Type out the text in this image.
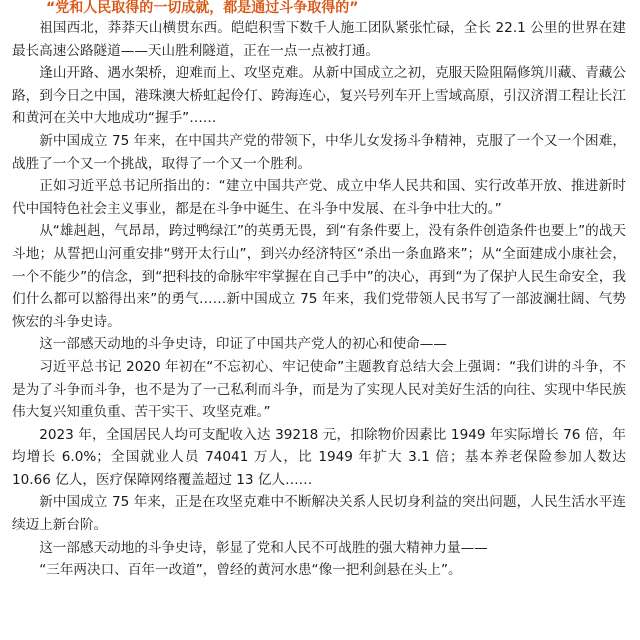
“党和人民取得的一切成就，都是通过斗争取得的”

祖国西北，莽莽天山横贯东西。皑皑积雪下数千人施工团队紧张忙碌，全长 22.1 公里的世界在建最长高速公路隧道——天山胜利隧道，正在一点一点被打通。

逢山开路、遇水架桥，迎难而上、攻坚克难。从新中国成立之初，克服天险阻隔修筑川藏、青藏公路，到今日之中国，港珠澳大桥虹起伶仃、跨海连心，复兴号列车开上雪域高原，引汉济渭工程让长江和黄河在关中大地成功“握手”……

新中国成立 75 年来，在中国共产党的带领下，中华儿女发扬斗争精神，克服了一个又一个困难，战胜了一个又一个挑战，取得了一个又一个胜利。

正如习近平总书记所指出的：“建立中国共产党、成立中华人民共和国、实行改革开放、推进新时代中国特色社会主义事业，都是在斗争中诞生、在斗争中发展、在斗争中壮大的。”

从“雄赳赳，气昂昂，跨过鸭绿江”的英勇无畏，到“有条件要上，没有条件创造条件也要上”的战天斗地；从誓把山河重安排“劈开太行山”，到兴办经济特区“杀出一条血路来”；从“全面建成小康社会，一个不能少”的信念，到“把科技的命脉牢牢掌握在自己手中”的决心，再到“为了保护人民生命安全，我们什么都可以豁得出来”的勇气……新中国成立 75 年来，我们党带领人民书写了一部波澜壮阔、气势恢宏的斗争史诗。

这一部感天动地的斗争史诗，印证了中国共产党人的初心和使命——

习近平总书记 2020 年初在“不忘初心、牢记使命”主题教育总结大会上强调：“我们讲的斗争，不是为了斗争而斗争，也不是为了一己私利而斗争，而是为了实现人民对美好生活的向往、实现中华民族伟大复兴知重负重、苦干实干、攻坚克难。”

2023 年，全国居民人均可支配收入达 39218 元，扣除物价因素比 1949 年实际增长 76 倍，年均增长 6.0%；全国就业人员 74041 万人，比 1949 年扩大 3.1 倍；基本养老保险参加人数达 10.66 亿人，医疗保障网络覆盖超过 13 亿人……

新中国成立 75 年来，正是在攻坚克难中不断解决关系人民切身利益的突出问题，人民生活水平连续迈上新台阶。

这一部感天动地的斗争史诗，彰显了党和人民不可战胜的强大精神力量——

“三年两决口、百年一改道”，曾经的黄河水患“像一把利剑悬在头上”。
